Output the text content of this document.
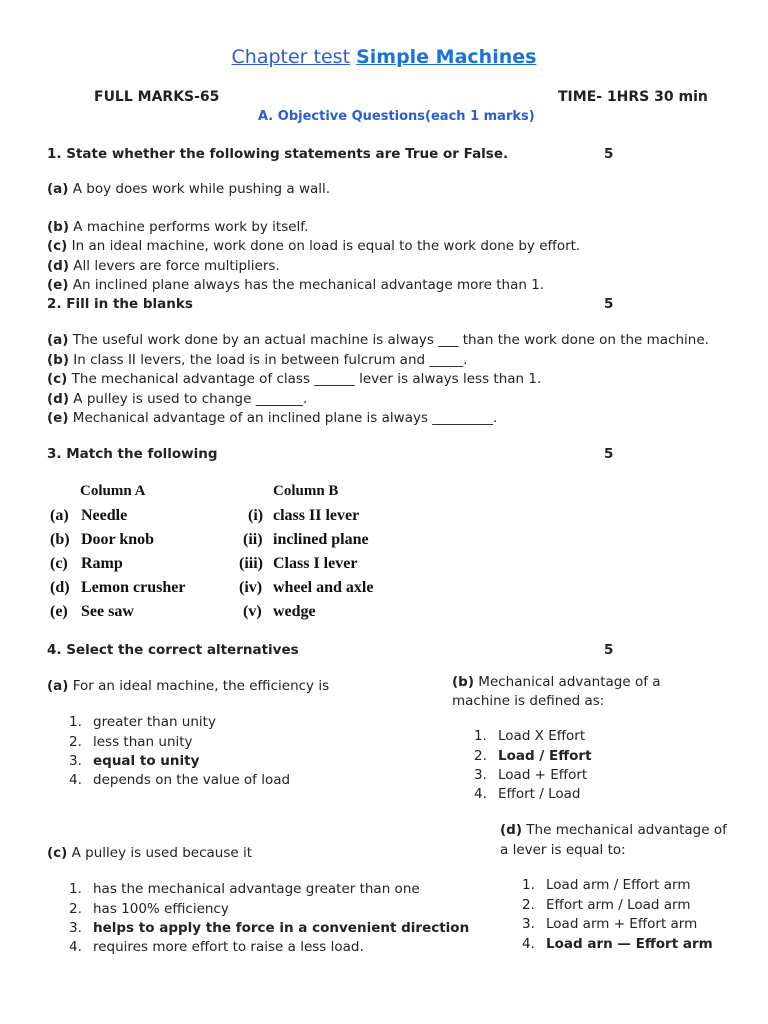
Chapter test Simple Machines
FULL MARKS-65	TIME- 1HRS 30 min
A. Objective Questions(each 1 marks)
1. State whether the following statements are True or False.	5
(a) A boy does work while pushing a wall.
(b) A machine performs work by itself.
(c) In an ideal machine, work done on load is equal to the work done by effort.
(d) All levers are force multipliers.
(e) An inclined plane always has the mechanical advantage more than 1.
2. Fill in the blanks	5
(a) The useful work done by an actual machine is always ___ than the work done on the machine.
(b) In class II levers, the load is in between fulcrum and _____.
(c) The mechanical advantage of class ______ lever is always less than 1.
(d) A pulley is used to change _______.
(e) Mechanical advantage of an inclined plane is always _________.
3. Match the following	5
Column A	Column B
(a) Needle	(i) class II lever
(b) Door knob	(ii) inclined plane
(c) Ramp	(iii) Class I lever
(d) Lemon crusher	(iv) wheel and axle
(e) See saw	(v) wedge
4. Select the correct alternatives	5
(a) For an ideal machine, the efficiency is
1. greater than unity
2. less than unity
3. equal to unity
4. depends on the value of load
(b) Mechanical advantage of a
machine is defined as:
1. Load X Effort
2. Load / Effort
3. Load + Effort
4. Effort / Load
(c) A pulley is used because it
1. has the mechanical advantage greater than one
2. has 100% efficiency
3. helps to apply the force in a convenient direction
4. requires more effort to raise a less load.
(d) The mechanical advantage of
a lever is equal to:
1. Load arm / Effort arm
2. Effort arm / Load arm
3. Load arm + Effort arm
4. Load arn — Effort arm
